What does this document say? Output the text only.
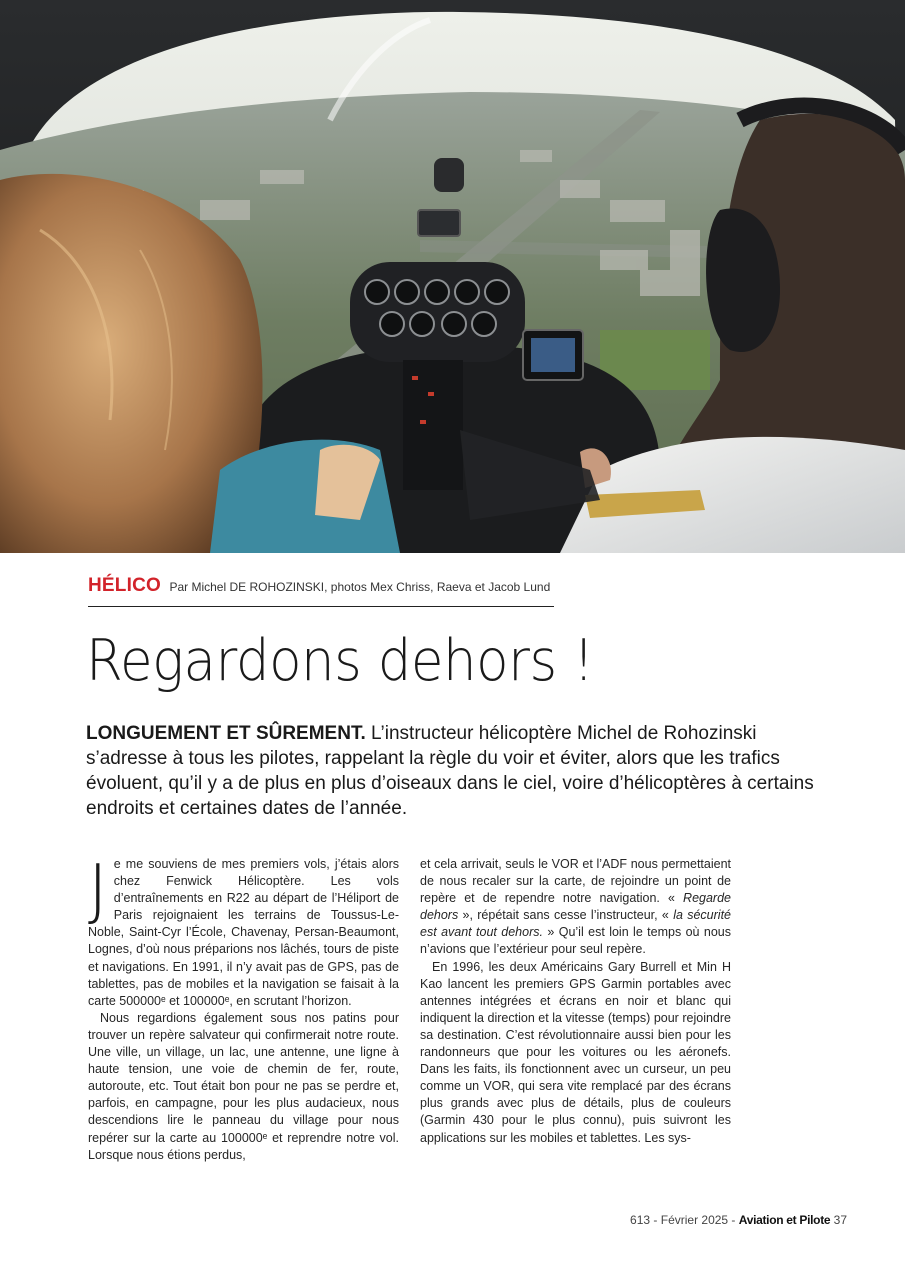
HÉLICO Par Michel DE ROHOZINSKI, photos Mex Chriss, Raeva et Jacob Lund
Regardons dehors !

LONGUEMENT ET SÛREMENT. L’instructeur hélicoptère Michel de Rohozinski s’adresse à tous les pilotes, rappelant la règle du voir et éviter, alors que les trafics évoluent, qu’il y a de plus en plus d’oiseaux dans le ciel, voire d’hélicoptères à certains endroits et certaines dates de l’année.

Je me souviens de mes premiers vols, j’étais alors chez Fenwick Hélicoptère. Les vols d’entraînements en R22 au départ de l’Héliport de Paris rejoignaient les terrains de Toussus-Le-Noble, Saint-Cyr l’École, Chavenay, Persan-Beaumont, Lognes, d’où nous préparions nos lâchés, tours de piste et navigations. En 1991, il n’y avait pas de GPS, pas de tablettes, pas de mobiles et la navigation se faisait à la carte 500000ᵉ et 100000ᵉ, en scrutant l’horizon.

Nous regardions également sous nos patins pour trouver un repère salvateur qui confirmerait notre route. Une ville, un village, un lac, une antenne, une ligne à haute tension, une voie de chemin de fer, route, autoroute, etc. Tout était bon pour ne pas se perdre et, parfois, en campagne, pour les plus audacieux, nous descendions lire le panneau du village pour nous repérer sur la carte au 100000ᵉ et reprendre notre vol. Lorsque nous étions perdus,

et cela arrivait, seuls le VOR et l’ADF nous permettaient de nous recaler sur la carte, de rejoindre un point de repère et de rependre notre navigation. « Regarde dehors », répétait sans cesse l’instructeur, « la sécurité est avant tout dehors. » Qu’il est loin le temps où nous n’avions que l’extérieur pour seul repère.

En 1996, les deux Américains Gary Burrell et Min H Kao lancent les premiers GPS Garmin portables avec antennes intégrées et écrans en noir et blanc qui indiquent la direction et la vitesse (temps) pour rejoindre sa destination. C’est révolutionnaire aussi bien pour les randonneurs que pour les voitures ou les aéronefs. Dans les faits, ils fonctionnent avec un curseur, un peu comme un VOR, qui sera vite remplacé par des écrans plus grands avec plus de détails, plus de couleurs (Garmin 430 pour le plus connu), puis suivront les applications sur les mobiles et tablettes. Les sys-

613 - Février 2025 - Aviation et Pilote 37
